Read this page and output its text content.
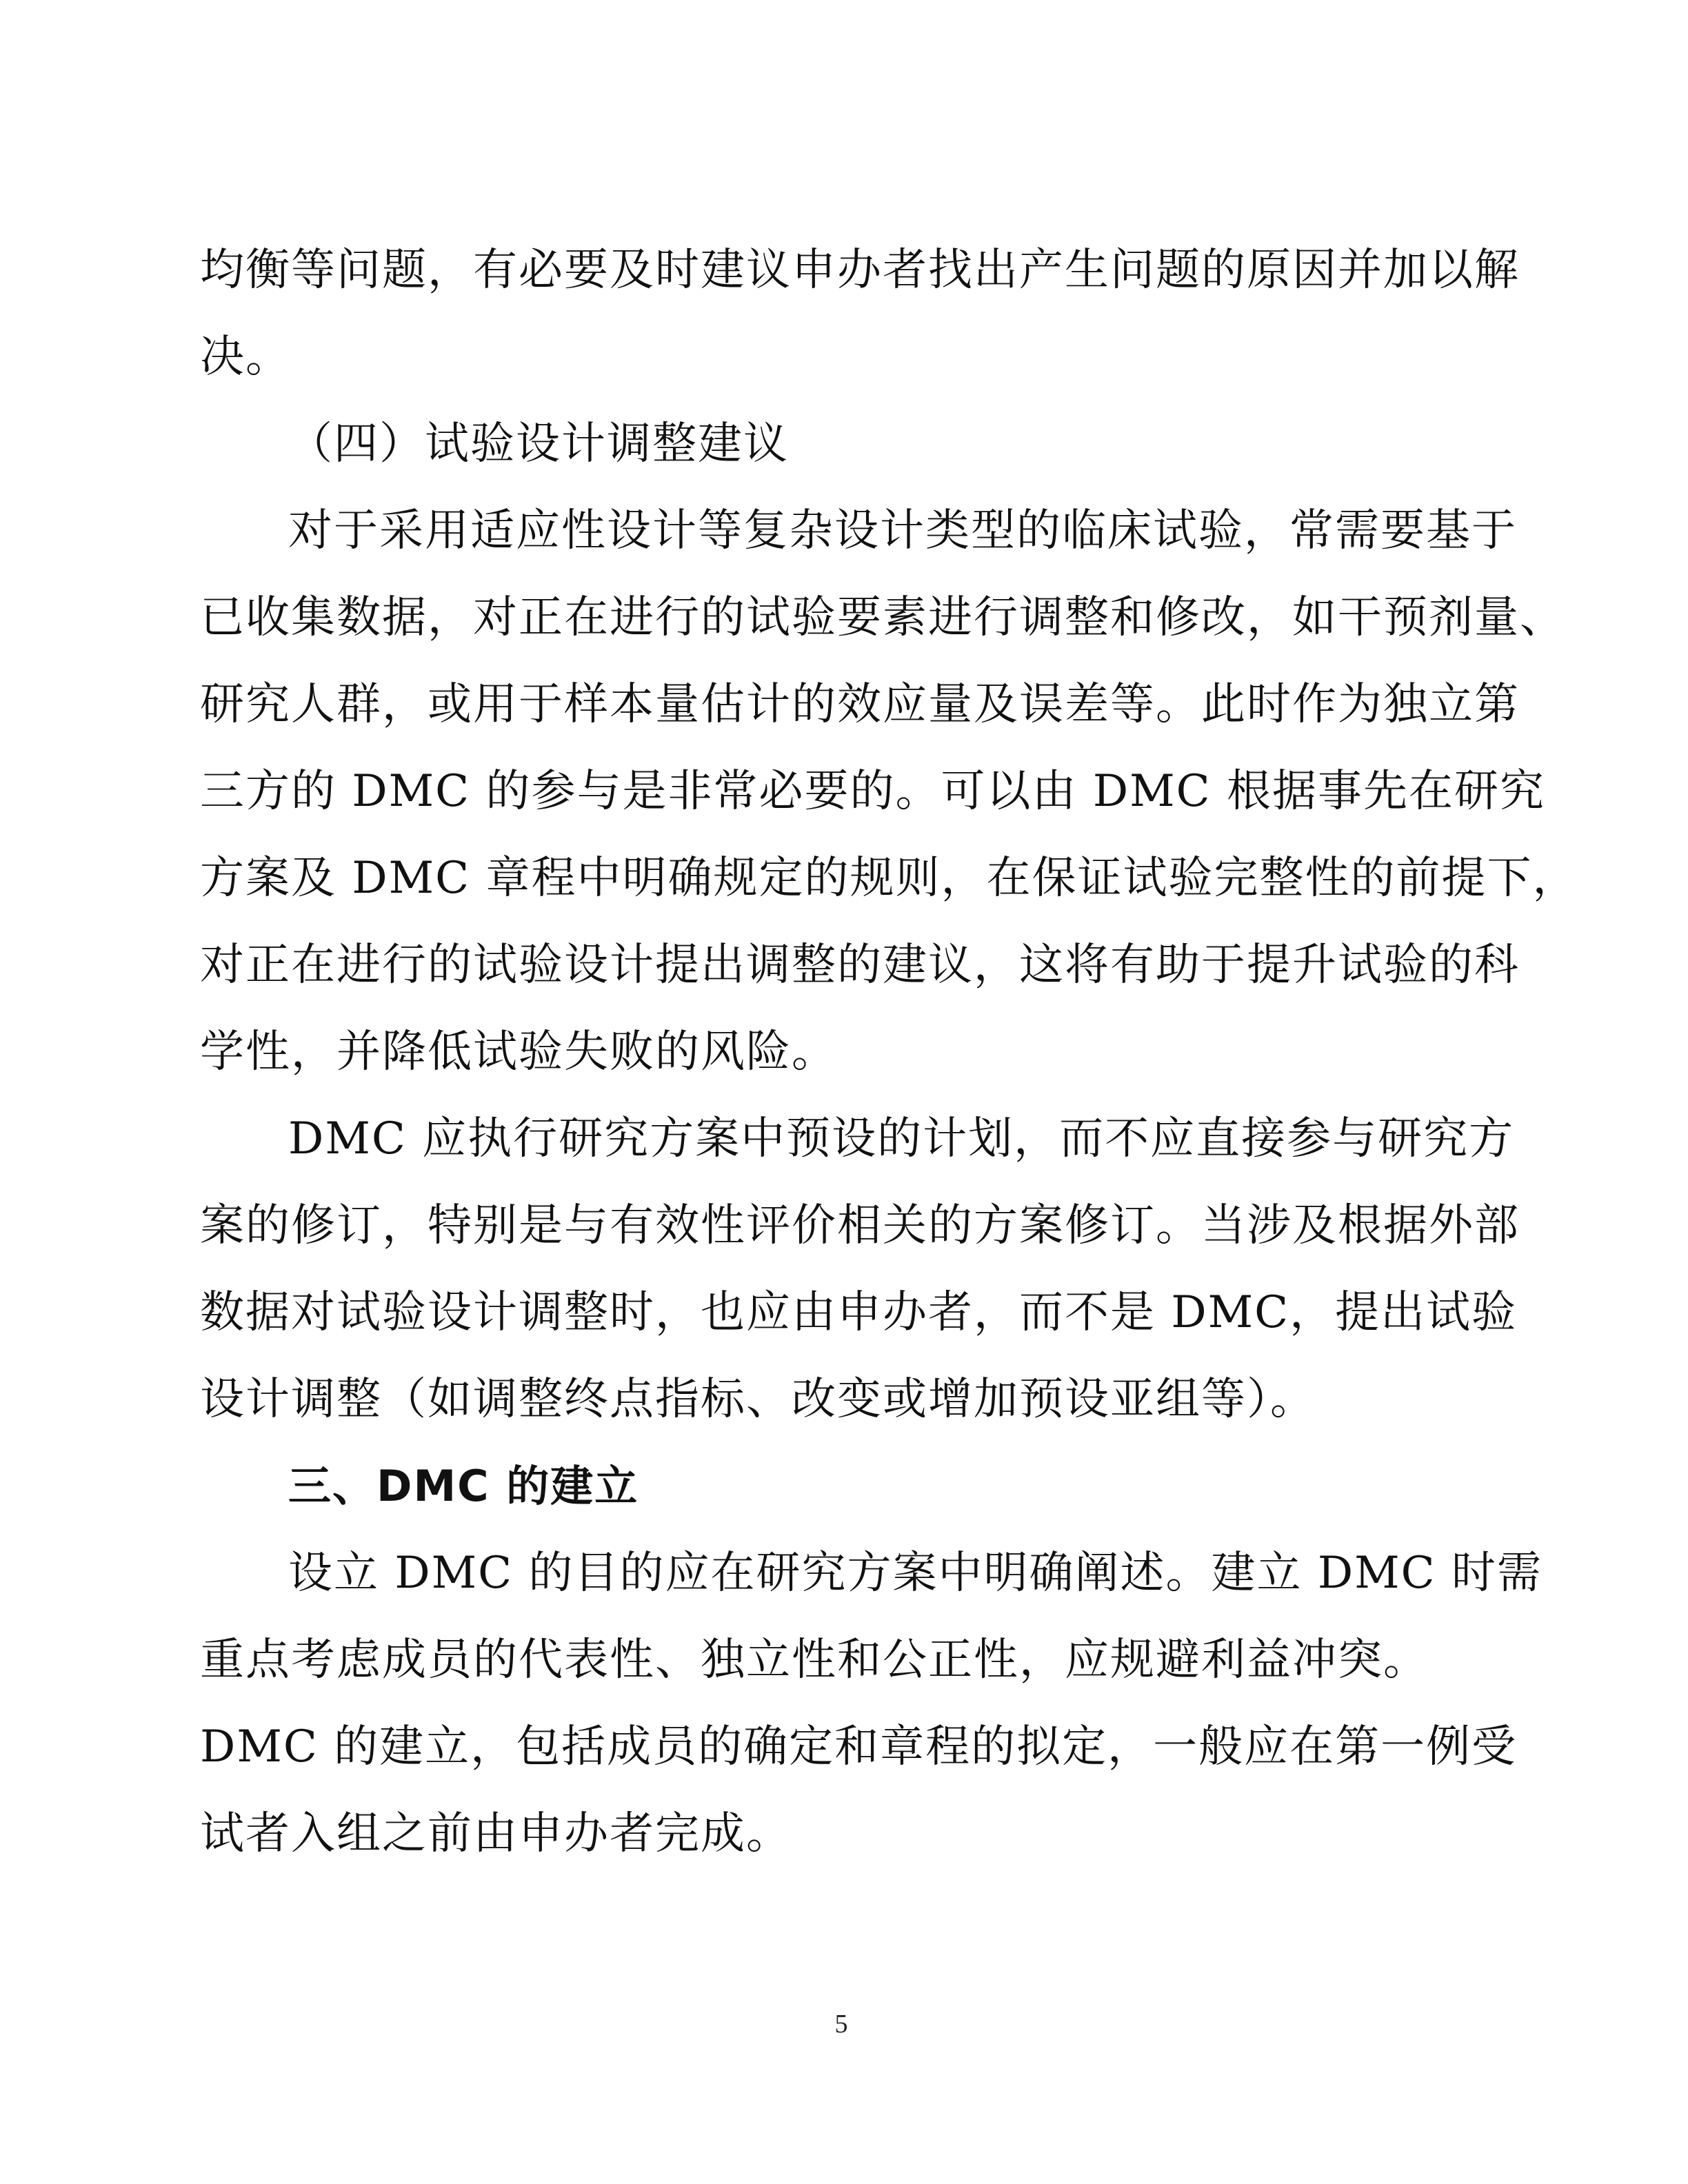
均衡等问题，有必要及时建议申办者找出产生问题的原因并加以解

决。

（四）试验设计调整建议

对于采用适应性设计等复杂设计类型的临床试验，常需要基于

已收集数据，对正在进行的试验要素进行调整和修改，如干预剂量、

研究人群，或用于样本量估计的效应量及误差等。此时作为独立第

三方的 DMC 的参与是非常必要的。可以由 DMC 根据事先在研究

方案及 DMC 章程中明确规定的规则，在保证试验完整性的前提下，

对正在进行的试验设计提出调整的建议，这将有助于提升试验的科

学性，并降低试验失败的风险。

DMC 应执行研究方案中预设的计划，而不应直接参与研究方

案的修订，特别是与有效性评价相关的方案修订。当涉及根据外部

数据对试验设计调整时，也应由申办者，而不是 DMC，提出试验

设计调整（如调整终点指标、改变或增加预设亚组等）。

三、DMC 的建立

设立 DMC 的目的应在研究方案中明确阐述。建立 DMC 时需

重点考虑成员的代表性、独立性和公正性，应规避利益冲突。

DMC 的建立，包括成员的确定和章程的拟定，一般应在第一例受

试者入组之前由申办者完成。

5
